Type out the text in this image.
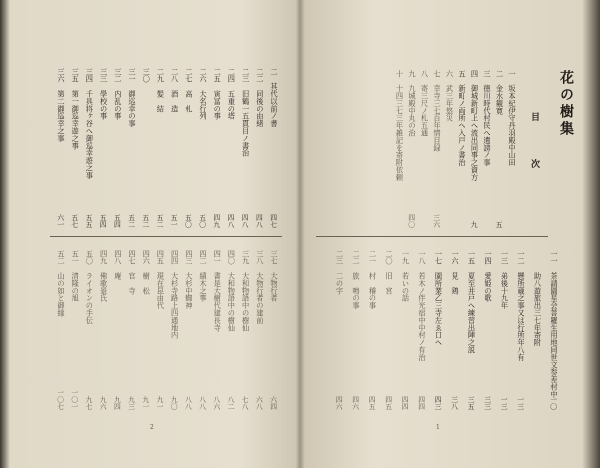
二　其代以前ノ書
四七
二二　同後の由緒
四八
二三　旧鶴一五貫目ノ書治
四八
二四　五重の塔
四八
二五　寅冨の事
四九
二六　大名行列
五〇
二七　高　札
五〇
二八　酒　造
五一
二九　髪　結
五二
三〇　　　
五二
三一　御巡幸の事
五二
三二　内乱の事
五四
三三　學校の事
五四
三四　千具将ヶ谷へ御巡幸遊之事
五五
三五　第一御巡幸遊之事
五七
三六　第二御巡幸之事
六一
三七　大物行者
六四
三八　大物行者の建前
六八
三九　大和物語中の樹仙
七八
四〇　大和物語中の樹仙
八二
四一　書是大樹代建長寺
八六
四二　績木之事
八八
四三　大杉中蜘神
八八
四四　大杉寺路上四通地内
九〇
四五　現在昆由代
九一
四六　樹　松
九一
四七　官　寺
九三
四八　庵
九四
四九　佛歌景氏
九六
五〇　ライオンの手伝
九七
五一　清隆の旭
一〇一
五二　山の如と御縁
一〇七
2
一　坂本紀伊守丹羽殿中山田
二　金水観寛
五
三　徳川時代村民へ遺謗ノ事
四　御城新町上へ流出同事之資方
九
五　新町ノ両所へ入戸ノ書治
六　武三年悠災
七　幸寺三七百年情目録
三六
八　寄三尺ノ札五通
九　九城殿中丸の治
四〇
十　十四三七三年雑記を寄附依頼
一一　茶請園星会菩羅生用地同世文参差村中
一〇
　　　助八遊旅出三七年寄附
一二　懸所蔵之事又は行所年八有
一三
一三　弟後十九年
一三
一四　愛姫の歌
三三
一五　夏至井戸へ練習出陣之説
三五
一六　見　鶏
三八
一七　園所業乙三寺左ゑ口へ　
四三
一八　若木ノ伴光宿中中村ノ有治
四四
一九　若いの話
四四
二〇　旧　宮
四五
二一　村　稽の事
四五
二二　旅　鳴の事
四六
二三　二の字
四六
1
花の樹集
目 次
